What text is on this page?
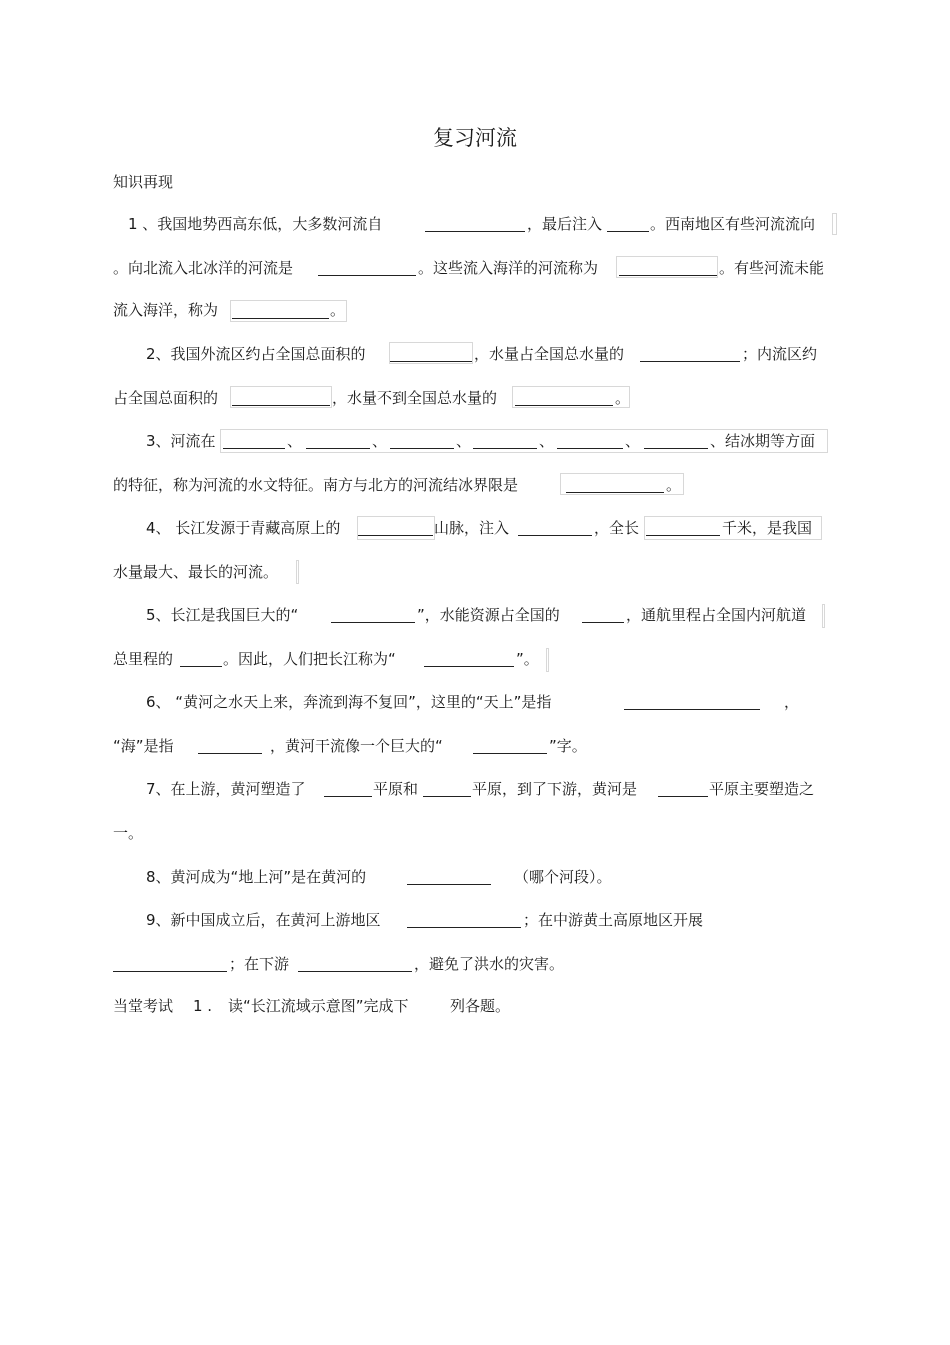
复习河流
知识再现
1 、我国地势西高东低，大多数河流自	，最后注入	。西南地区有些河流流向
。向北流入北冰洋的河流是	。这些流入海洋的河流称为	。有些河流未能
流入海洋，称为	。
2、我国外流区约占全国总面积的	，水量占全国总水量的	；内流区约
占全国总面积的	，水量不到全国总水量的	。
3、河流在	、	、	、	、	、	、结冰期等方面
的特征，称为河流的水文特征。南方与北方的河流结冰界限是	。
4、 长江发源于青藏高原上的	山脉，注入	，全长	千米，是我国
水量最大、最长的河流。
5、长江是我国巨大的“	”，水能资源占全国的	，通航里程占全国内河航道
总里程的	。因此，人们把长江称为“	”。
6、 “黄河之水天上来，奔流到海不复回”，这里的“天上”是指	，
“海”是指	，黄河干流像一个巨大的“	”字。
7、在上游，黄河塑造了	平原和	平原，到了下游，黄河是	平原主要塑造之
一。
8、黄河成为“地上河”是在黄河的	（哪个河段）。
9、新中国成立后，在黄河上游地区	；在中游黄土高原地区开展
；在下游	，避免了洪水的灾害。
当堂考试 1 . 读“长江流域示意图”完成下	列各题。
